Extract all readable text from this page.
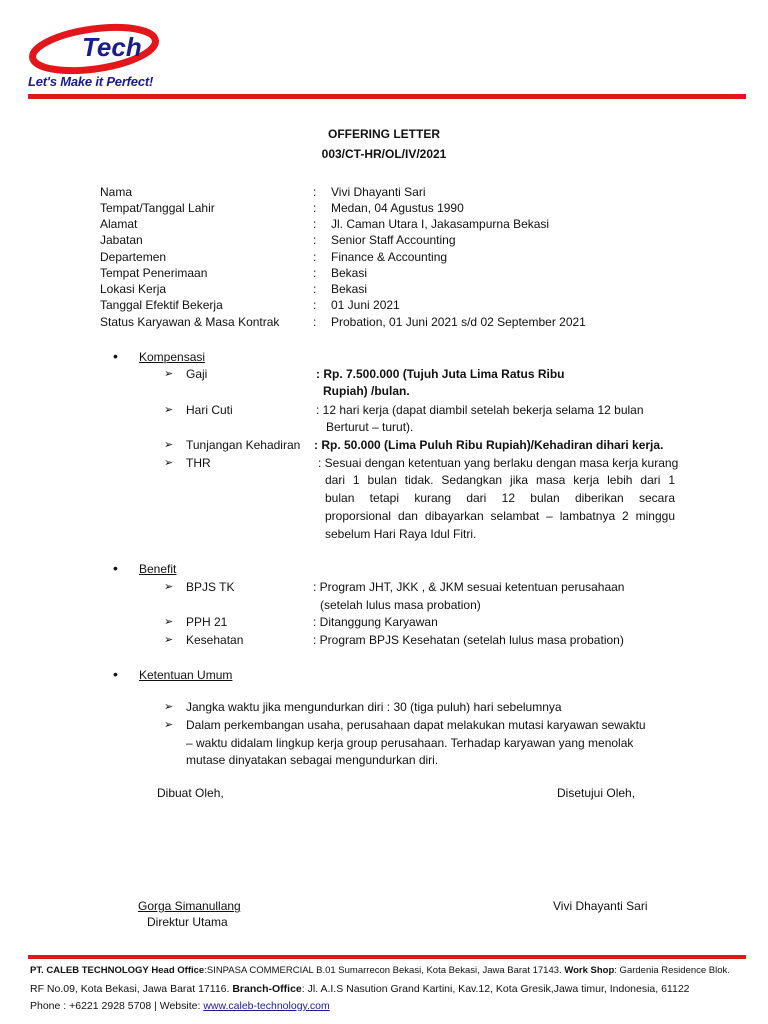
Tech
Let's Make it Perfect!
OFFERING LETTER
003/CT-HR/OL/IV/2021
Nama	: Vivi Dhayanti Sari
Tempat/Tanggal Lahir	: Medan, 04 Agustus 1990
Alamat	: Jl. Caman Utara I, Jakasampurna Bekasi
Jabatan	: Senior Staff Accounting
Departemen	: Finance & Accounting
Tempat Penerimaan	: Bekasi
Lokasi Kerja	: Bekasi
Tanggal Efektif Bekerja	: 01 Juni 2021
Status Karyawan & Masa Kontrak	: Probation, 01 Juni 2021 s/d 02 September 2021
• Kompensasi
➢ Gaji	: Rp. 7.500.000 (Tujuh Juta Lima Ratus Ribu
Rupiah) /bulan.
➢ Hari Cuti	: 12 hari kerja (dapat diambil setelah bekerja selama 12 bulan
Berturut – turut).
➢ Tunjangan Kehadiran : Rp. 50.000 (Lima Puluh Ribu Rupiah)/Kehadiran dihari kerja.
➢ THR	: Sesuai dengan ketentuan yang berlaku dengan masa kerja kurang
dari 1 bulan tidak. Sedangkan jika masa kerja lebih dari 1
bulan tetapi kurang dari 12 bulan diberikan secara
proporsional dan dibayarkan selambat – lambatnya 2 minggu
sebelum Hari Raya Idul Fitri.
• Benefit
➢ BPJS TK	: Program JHT, JKK , & JKM sesuai ketentuan perusahaan
(setelah lulus masa probation)
➢ PPH 21	: Ditanggung Karyawan
➢ Kesehatan	: Program BPJS Kesehatan (setelah lulus masa probation)
• Ketentuan Umum
➢ Jangka waktu jika mengundurkan diri : 30 (tiga puluh) hari sebelumnya
➢ Dalam perkembangan usaha, perusahaan dapat melakukan mutasi karyawan sewaktu
– waktu didalam lingkup kerja group perusahaan. Terhadap karyawan yang menolak
mutase dinyatakan sebagai mengundurkan diri.
Dibuat Oleh,	Disetujui Oleh,
Gorga Simanullang
Direktur Utama
Vivi Dhayanti Sari
PT. CALEB TECHNOLOGY Head Office:SINPASA COMMERCIAL B.01 Sumarrecon Bekasi, Kota Bekasi, Jawa Barat 17143. Work Shop: Gardenia Residence Blok.
RF No.09, Kota Bekasi, Jawa Barat 17116. Branch-Office: Jl. A.I.S Nasution Grand Kartini, Kav.12, Kota Gresik,Jawa timur, Indonesia, 61122
Phone : +6221 2928 5708 | Website: www.caleb-technology.com
